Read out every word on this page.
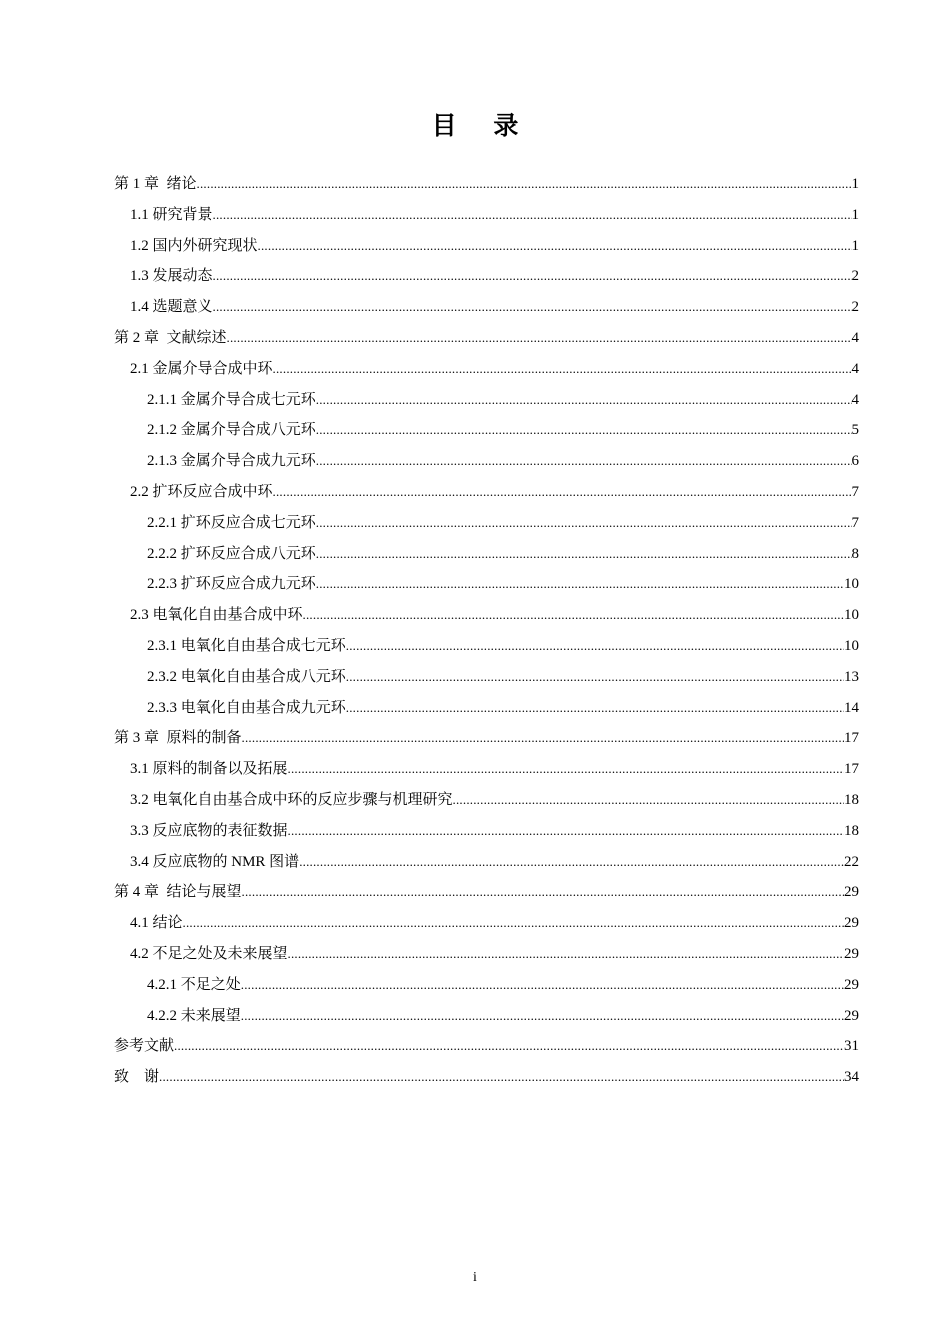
目 录
第 1 章  绪论 .....	1
1.1 研究背景 .....	1
1.2 国内外研究现状 .....	1
1.3 发展动态 .....	2
1.4 选题意义 .....	2
第 2 章  文献综述 .....	4
2.1 金属介导合成中环 .....	4
2.1.1 金属介导合成七元环 .....	4
2.1.2 金属介导合成八元环 .....	5
2.1.3 金属介导合成九元环 .....	6
2.2 扩环反应合成中环 .....	7
2.2.1 扩环反应合成七元环 .....	7
2.2.2 扩环反应合成八元环 .....	8
2.2.3 扩环反应合成九元环 .....	10
2.3 电氧化自由基合成中环 .....	10
2.3.1 电氧化自由基合成七元环 .....	10
2.3.2 电氧化自由基合成八元环 .....	13
2.3.3 电氧化自由基合成九元环 .....	14
第 3 章  原料的制备 .....	17
3.1 原料的制备以及拓展 .....	17
3.2 电氧化自由基合成中环的反应步骤与机理研究 .....	18
3.3 反应底物的表征数据 .....	18
3.4 反应底物的 NMR 图谱 .....	22
第 4 章  结论与展望 .....	29
4.1 结论 .....	29
4.2 不足之处及未来展望 .....	29
4.2.1 不足之处 .....	29
4.2.2 未来展望 .....	29
参考文献 .....	31
致    谢 .....	34
i
